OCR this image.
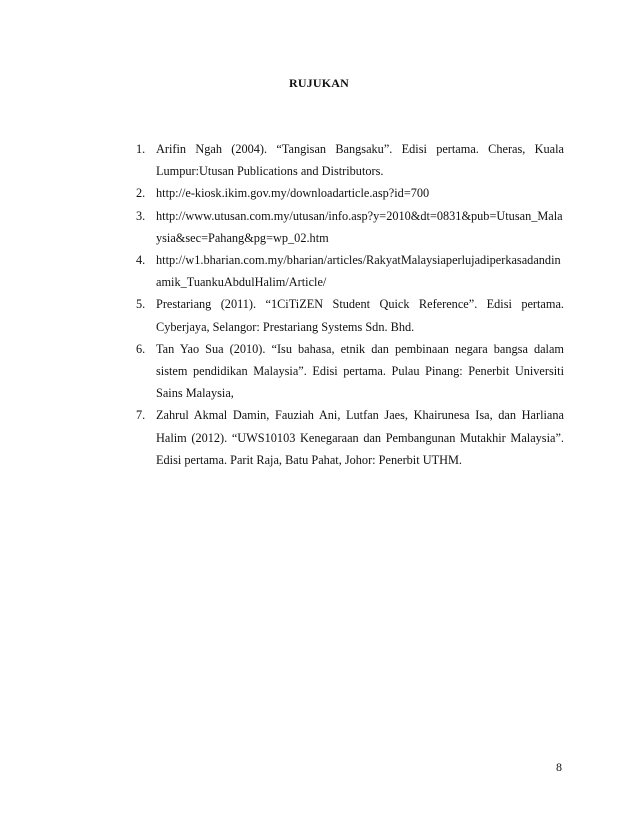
RUJUKAN
1. Arifin Ngah (2004). “Tangisan Bangsaku”. Edisi pertama. Cheras, Kuala Lumpur:Utusan Publications and Distributors.
2. http://e-kiosk.ikim.gov.my/downloadarticle.asp?id=700
3. http://www.utusan.com.my/utusan/info.asp?y=2010&dt=0831&pub=Utusan_Malaysia&sec=Pahang&pg=wp_02.htm
4. http://w1.bharian.com.my/bharian/articles/RakyatMalaysiaperlujadiperkasadandinamik_TuankuAbdulHalim/Article/
5. Prestariang (2011). “1CiTiZEN Student Quick Reference”. Edisi pertama. Cyberjaya, Selangor: Prestariang Systems Sdn. Bhd.
6. Tan Yao Sua (2010). “Isu bahasa, etnik dan pembinaan negara bangsa dalam sistem pendidikan Malaysia”. Edisi pertama. Pulau Pinang: Penerbit Universiti Sains Malaysia,
7. Zahrul Akmal Damin, Fauziah Ani, Lutfan Jaes, Khairunesa Isa, dan Harliana Halim (2012). “UWS10103 Kenegaraan dan Pembangunan Mutakhir Malaysia”. Edisi pertama. Parit Raja, Batu Pahat, Johor: Penerbit UTHM.
8
